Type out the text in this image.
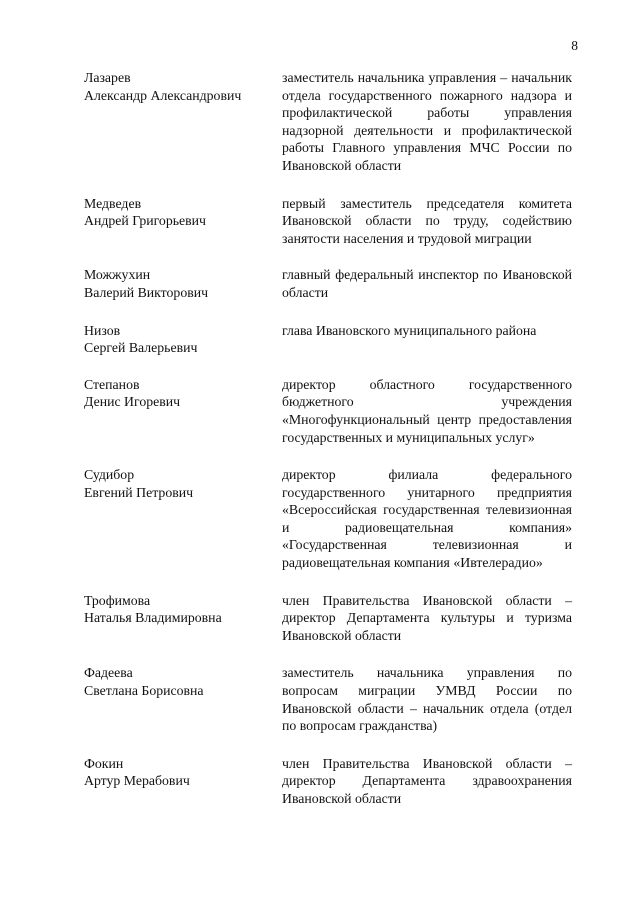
8
Лазарев
Александр Александрович
заместитель начальника управления – начальник отдела государственного пожарного надзора и профилактической работы управления надзорной деятельности и профилактической работы Главного управления МЧС России по Ивановской области
Медведев
Андрей Григорьевич
первый заместитель председателя комитета Ивановской области по труду, содействию занятости населения и трудовой миграции
Можжухин
Валерий Викторович
главный федеральный инспектор по Ивановской области
Низов
Сергей Валерьевич
глава Ивановского муниципального района
Степанов
Денис Игоревич
директор областного государственного бюджетного учреждения «Многофункциональный центр предоставления государственных и муниципальных услуг»
Судибор
Евгений Петрович
директор филиала федерального государственного унитарного предприятия «Всероссийская государственная телевизионная и радиовещательная компания» «Государственная телевизионная и радиовещательная компания «Ивтелерадио»
Трофимова
Наталья Владимировна
член Правительства Ивановской области – директор Департамента культуры и туризма Ивановской области
Фадеева
Светлана Борисовна
заместитель начальника управления по вопросам миграции УМВД России по Ивановской области – начальник отдела (отдел по вопросам гражданства)
Фокин
Артур Мерабович
член Правительства Ивановской области – директор Департамента здравоохранения Ивановской области
